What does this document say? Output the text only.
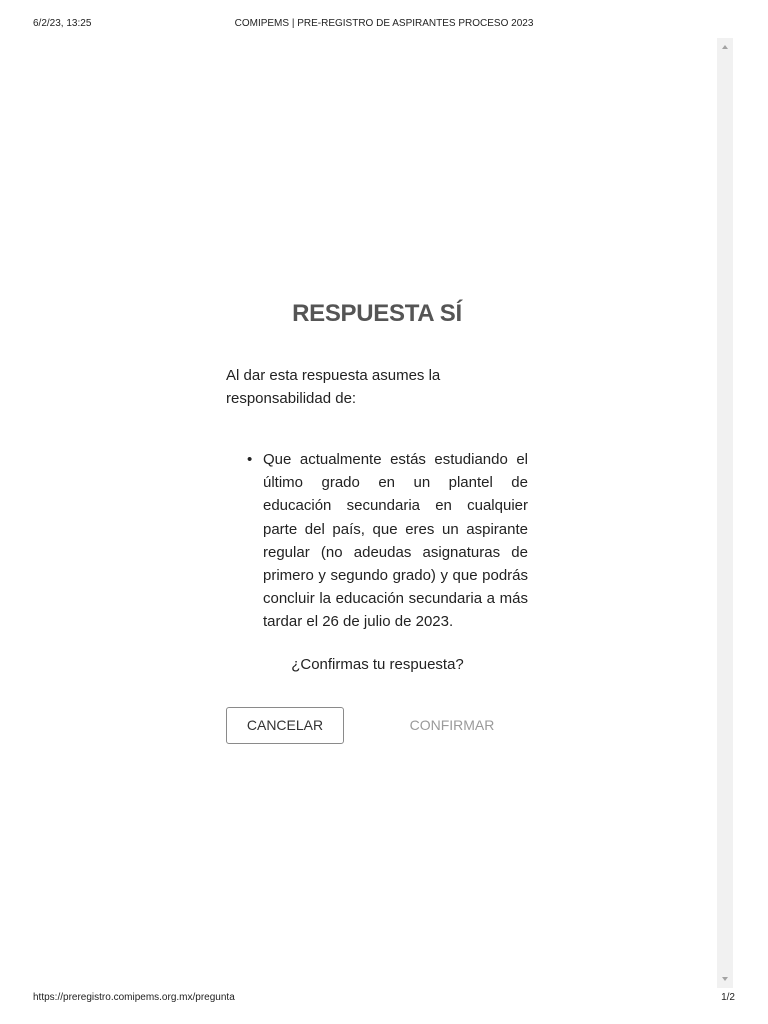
6/2/23, 13:25	COMIPEMS | PRE-REGISTRO DE ASPIRANTES PROCESO 2023
RESPUESTA SÍ

Al dar esta respuesta asumes la responsabilidad de:

• Que actualmente estás estudiando el último grado en un plantel de educación secundaria en cualquier parte del país, que eres un aspirante regular (no adeudas asignaturas de primero y segundo grado) y que podrás concluir la educación secundaria a más tardar el 26 de julio de 2023.

¿Confirmas tu respuesta?

CANCELAR	CONFIRMAR
https://preregistro.comipems.org.mx/pregunta	1/2
